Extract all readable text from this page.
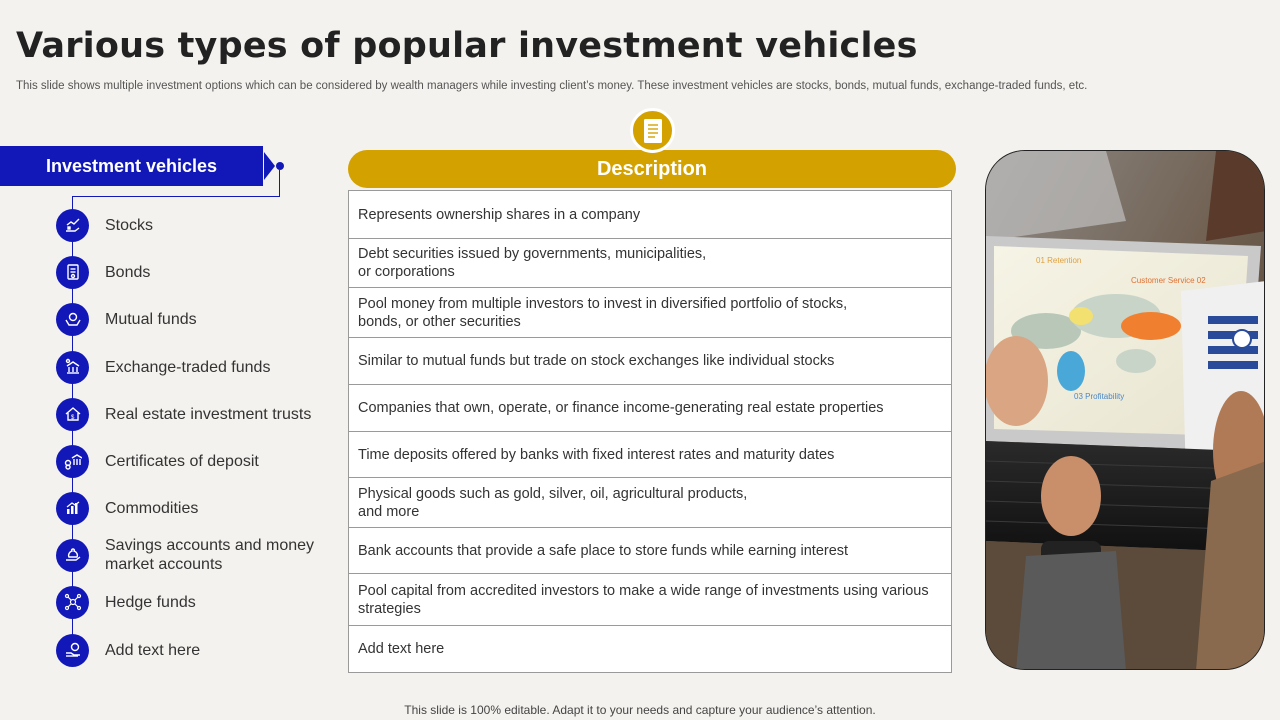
Various types of popular investment vehicles
This slide shows multiple investment options which can be considered by wealth managers while investing client’s money. These investment vehicles are stocks, bonds, mutual funds, exchange-traded funds, etc.
Investment vehicles
Stocks
Bonds
Mutual funds
Exchange-traded funds
$ Real estate investment trusts
Certificates of deposit
Commodities
Savings accounts and money market accounts
Hedge funds
Add text here
Description
Represents ownership shares in a company
Debt securities issued by governments, municipalities,
or corporations
Pool money from multiple investors to invest in diversified portfolio of stocks,
bonds, or other securities
Similar to mutual funds but trade on stock exchanges like individual stocks
Companies that own, operate, or finance income-generating real estate properties
Time deposits offered by banks with fixed interest rates and maturity dates
Physical goods such as gold, silver, oil, agricultural products,
and more
Bank accounts that provide a safe place to store funds while earning interest
Pool capital from accredited investors to make a wide range of investments using various strategies
Add text here
01 Retention
Customer Service 02
03 Profitability
This slide is 100% editable. Adapt it to your needs and capture your audience’s attention.
